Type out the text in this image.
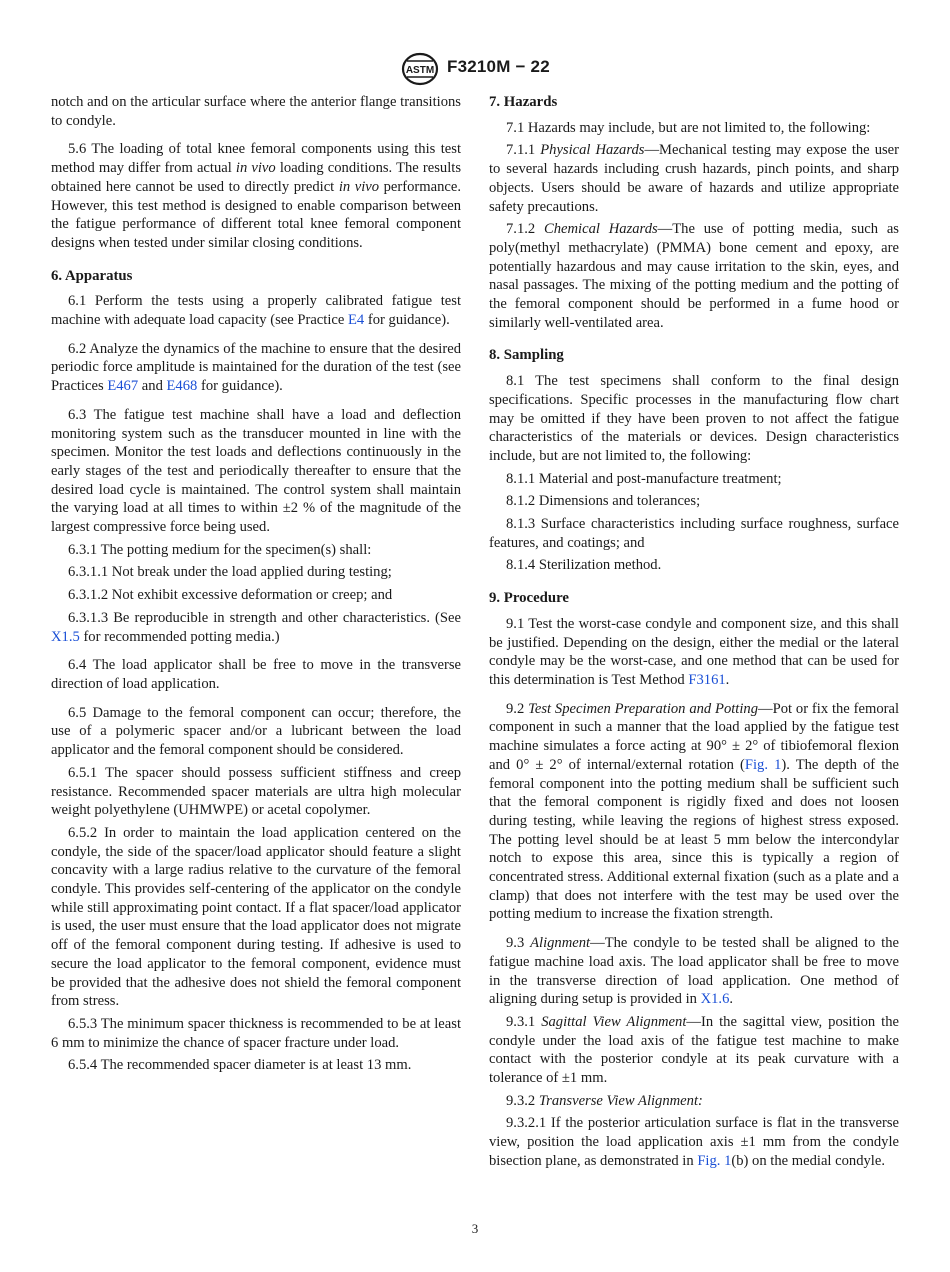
ASTM F3210M − 22

notch and on the articular surface where the anterior flange transitions to condyle.

5.6 The loading of total knee femoral components using this test method may differ from actual in vivo loading conditions. The results obtained here cannot be used to directly predict in vivo performance. However, this test method is designed to enable comparison between the fatigue performance of different total knee femoral component designs when tested under similar closing conditions.

6. Apparatus

6.1 Perform the tests using a properly calibrated fatigue test machine with adequate load capacity (see Practice E4 for guidance).

6.2 Analyze the dynamics of the machine to ensure that the desired periodic force amplitude is maintained for the duration of the test (see Practices E467 and E468 for guidance).

6.3 The fatigue test machine shall have a load and deflection monitoring system such as the transducer mounted in line with the specimen. Monitor the test loads and deflections continuously in the early stages of the test and periodically thereafter to ensure that the desired load cycle is maintained. The control system shall maintain the varying load at all times to within ±2 % of the magnitude of the largest compressive force being used.

6.3.1 The potting medium for the specimen(s) shall:

6.3.1.1 Not break under the load applied during testing;

6.3.1.2 Not exhibit excessive deformation or creep; and

6.3.1.3 Be reproducible in strength and other characteristics. (See X1.5 for recommended potting media.)

6.4 The load applicator shall be free to move in the transverse direction of load application.

6.5 Damage to the femoral component can occur; therefore, the use of a polymeric spacer and/or a lubricant between the load applicator and the femoral component should be considered.

6.5.1 The spacer should possess sufficient stiffness and creep resistance. Recommended spacer materials are ultra high molecular weight polyethylene (UHMWPE) or acetal copolymer.

6.5.2 In order to maintain the load application centered on the condyle, the side of the spacer/load applicator should feature a slight concavity with a large radius relative to the curvature of the femoral condyle. This provides self-centering of the applicator on the condyle while still approximating point contact. If a flat spacer/load applicator is used, the user must ensure that the load applicator does not migrate off of the femoral component during testing. If adhesive is used to secure the load applicator to the femoral component, evidence must be provided that the adhesive does not shield the femoral component from stress.

6.5.3 The minimum spacer thickness is recommended to be at least 6 mm to minimize the chance of spacer fracture under load.

6.5.4 The recommended spacer diameter is at least 13 mm.

7. Hazards

7.1 Hazards may include, but are not limited to, the following:

7.1.1 Physical Hazards—Mechanical testing may expose the user to several hazards including crush hazards, pinch points, and sharp objects. Users should be aware of hazards and utilize appropriate safety precautions.

7.1.2 Chemical Hazards—The use of potting media, such as poly(methyl methacrylate) (PMMA) bone cement and epoxy, are potentially hazardous and may cause irritation to the skin, eyes, and nasal passages. The mixing of the potting medium and the potting of the femoral component should be performed in a fume hood or similarly well-ventilated area.

8. Sampling

8.1 The test specimens shall conform to the final design specifications. Specific processes in the manufacturing flow chart may be omitted if they have been proven to not affect the fatigue characteristics of the materials or devices. Design characteristics include, but are not limited to, the following:

8.1.1 Material and post-manufacture treatment;

8.1.2 Dimensions and tolerances;

8.1.3 Surface characteristics including surface roughness, surface features, and coatings; and

8.1.4 Sterilization method.

9. Procedure

9.1 Test the worst-case condyle and component size, and this shall be justified. Depending on the design, either the medial or the lateral condyle may be the worst-case, and one method that can be used for this determination is Test Method F3161.

9.2 Test Specimen Preparation and Potting—Pot or fix the femoral component in such a manner that the load applied by the fatigue test machine simulates a force acting at 90° ± 2° of tibiofemoral flexion and 0° ± 2° of internal/external rotation (Fig. 1). The depth of the femoral component into the potting medium shall be sufficient such that the femoral component is rigidly fixed and does not loosen during testing, while leaving the regions of highest stress exposed. The potting level should be at least 5 mm below the intercondylar notch to expose this area, since this is typically a region of concentrated stress. Additional external fixation (such as a plate and a clamp) that does not interfere with the test may be used over the potting medium to increase the fixation strength.

9.3 Alignment—The condyle to be tested shall be aligned to the fatigue machine load axis. The load applicator shall be free to move in the transverse direction of load application. One method of aligning during setup is provided in X1.6.

9.3.1 Sagittal View Alignment—In the sagittal view, position the condyle under the load axis of the fatigue test machine to make contact with the posterior condyle at its peak curvature with a tolerance of ±1 mm.

9.3.2 Transverse View Alignment:

9.3.2.1 If the posterior articulation surface is flat in the transverse view, position the load application axis ±1 mm from the condyle bisection plane, as demonstrated in Fig. 1(b) on the medial condyle.

3
